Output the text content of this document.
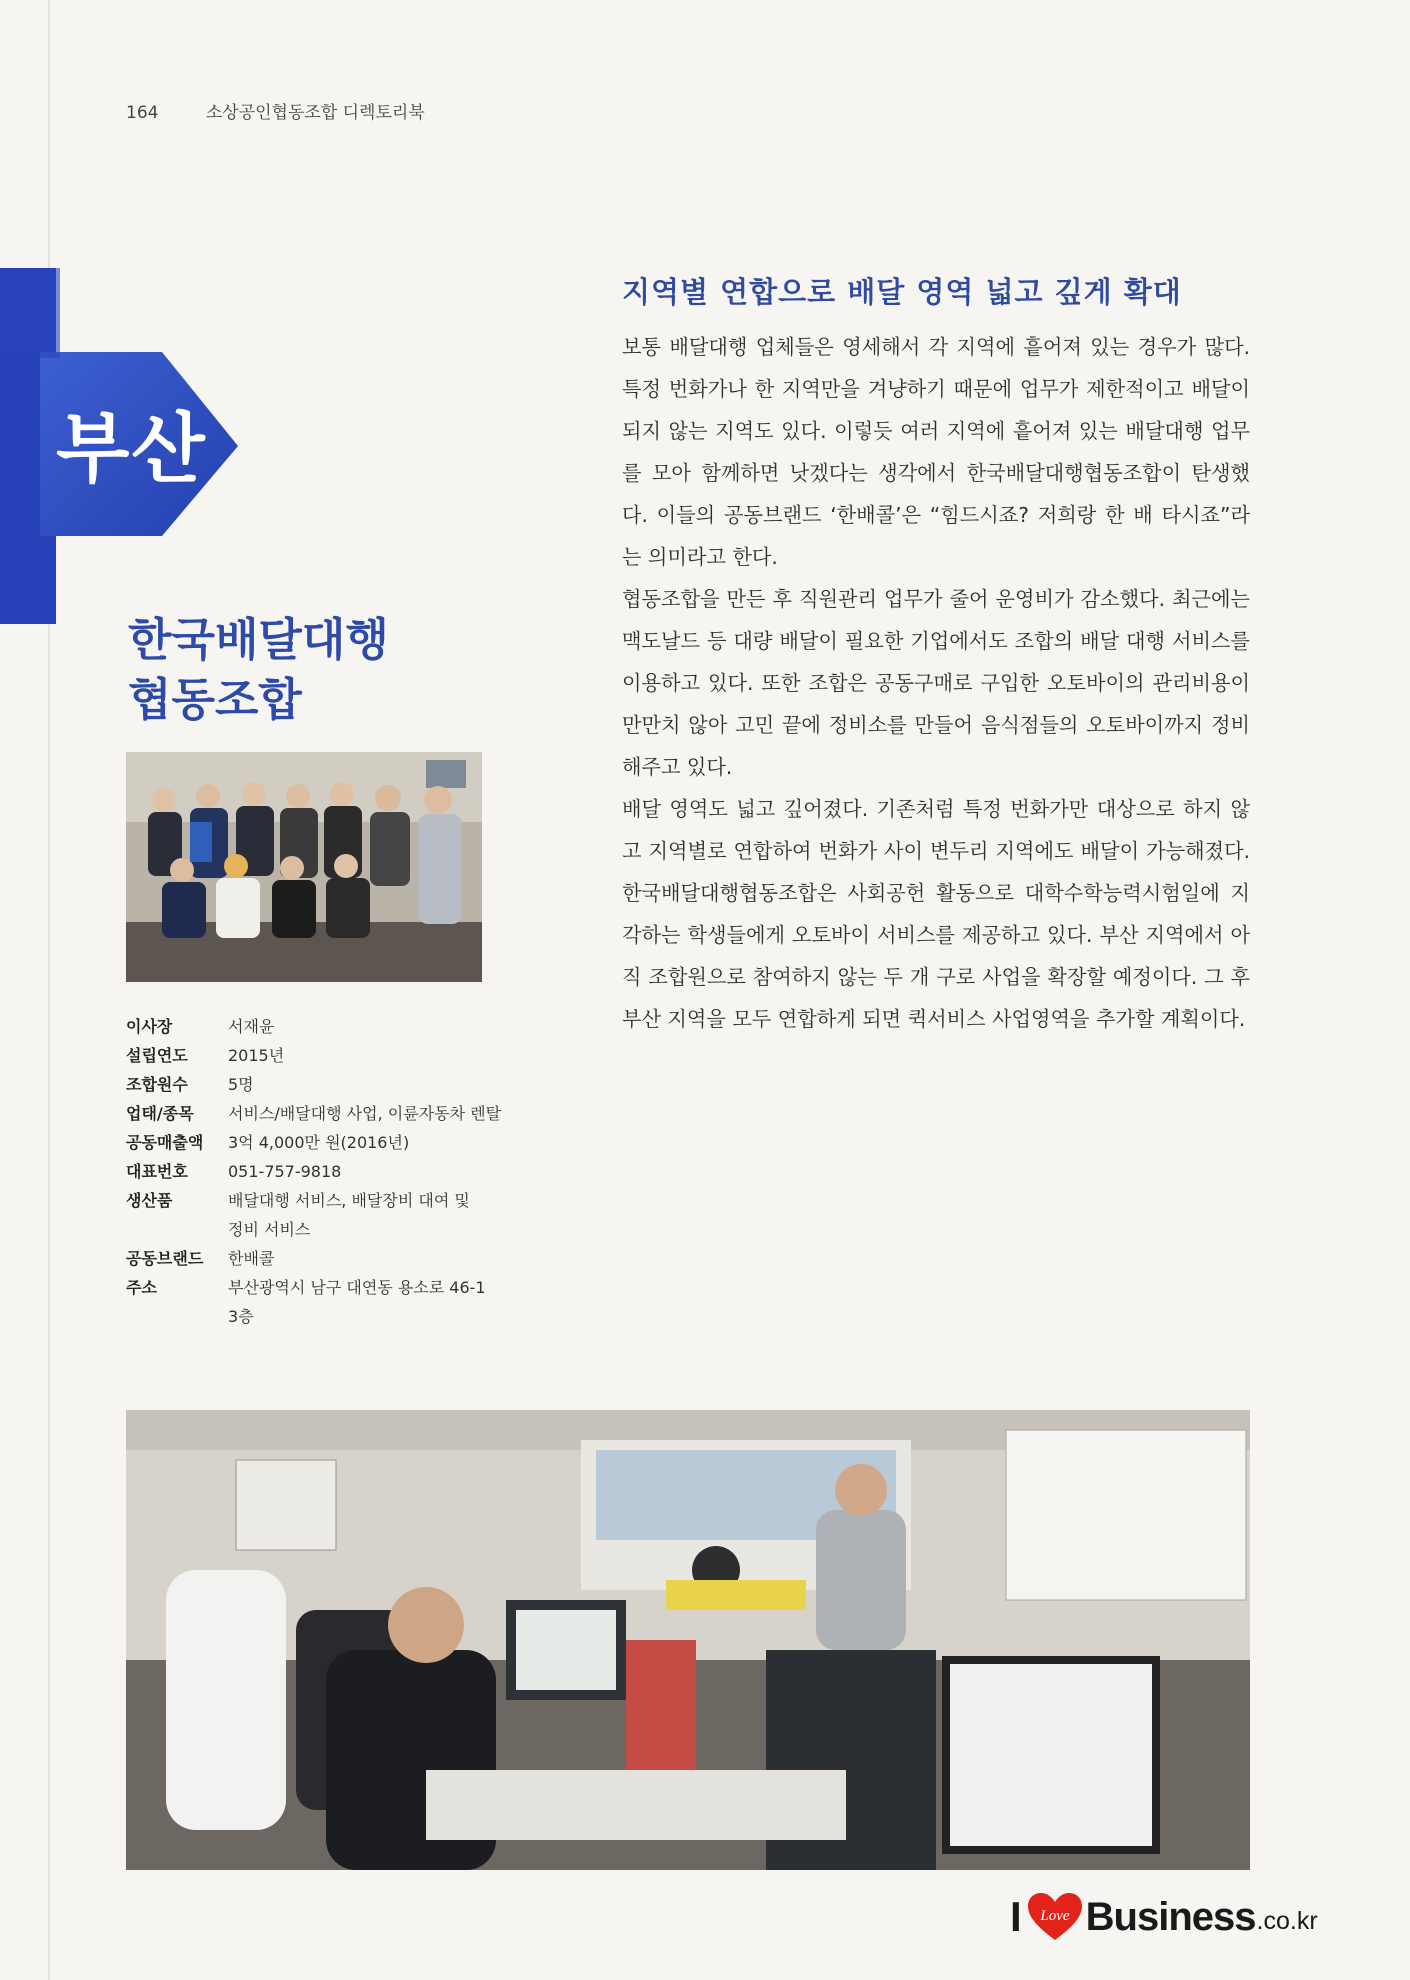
164	소상공인협동조합 디렉토리북
부산
한국배달대행
협동조합
이사장	서재윤
설립연도	2015년
조합원수	5명
업태/종목	서비스/배달대행 사업, 이륜자동차 렌탈
공동매출액	3억 4,000만 원(2016년)
대표번호	051-757-9818
생산품	배달대행 서비스, 배달장비 대여 및
정비 서비스
공동브랜드	한배콜
주소	부산광역시 남구 대연동 용소로 46-1
3층
지역별 연합으로 배달 영역 넓고 깊게 확대

보통 배달대행 업체들은 영세해서 각 지역에 흩어져 있는 경우가 많다. 특정 번화가나 한 지역만을 겨냥하기 때문에 업무가 제한적이고 배달이 되지 않는 지역도 있다. 이렇듯 여러 지역에 흩어져 있는 배달대행 업무를 모아 함께하면 낫겠다는 생각에서 한국배달대행협동조합이 탄생했다. 이들의 공동브랜드 ‘한배콜’은 “힘드시죠? 저희랑 한 배 타시죠”라는 의미라고 한다.

협동조합을 만든 후 직원관리 업무가 줄어 운영비가 감소했다. 최근에는 맥도날드 등 대량 배달이 필요한 기업에서도 조합의 배달 대행 서비스를 이용하고 있다. 또한 조합은 공동구매로 구입한 오토바이의 관리비용이 만만치 않아 고민 끝에 정비소를 만들어 음식점들의 오토바이까지 정비해주고 있다.

배달 영역도 넓고 깊어졌다. 기존처럼 특정 번화가만 대상으로 하지 않고 지역별로 연합하여 번화가 사이 변두리 지역에도 배달이 가능해졌다. 한국배달대행협동조합은 사회공헌 활동으로 대학수학능력시험일에 지각하는 학생들에게 오토바이 서비스를 제공하고 있다. 부산 지역에서 아직 조합원으로 참여하지 않는 두 개 구로 사업을 확장할 예정이다. 그 후 부산 지역을 모두 연합하게 되면 퀵서비스 사업영역을 추가할 계획이다.

I Love Business .co.kr
